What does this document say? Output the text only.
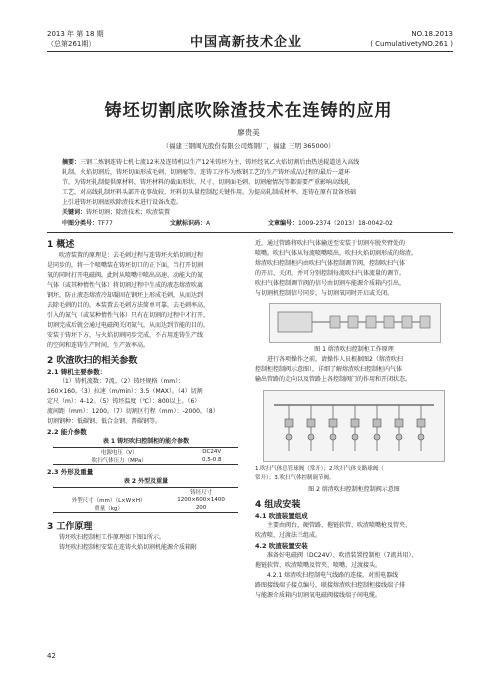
2013 年 第 18 期
（总第261期）	中国高新技术企业
NO.18.2013
( CumulativetyNO.261 )
铸坯切割底吹除渣技术在连铸的应用
廖贵美
（福建三钢闽光股份有限公司炼钢厂，福建 三明 365000）
摘要：三钢二炼钢连铸七机七流12米及连铸机以生产12米铸坯为主，铸坯经氧乙火焰切割后由热送辊道送入高线
轧制。火焰切割后，铸坯切面形成毛刺、切割瘤等。连铸工序作为炼钢工艺的生产铸坯成品过程的最后一道环
节，为铸坯轧制提供原材料，铸坯材料的截面形状、尺寸、切割面毛刺、切割瘤情况等都需要严重影响高线轧
工艺，对高线轧制坯料头部开花事故较、坯料切头量控制起关键作用。为提高轧制成材率，连铸在原有设备基础
上引进铸坯切割底吹除渣技术进行设备改造。
关键词：铸坯切割；除渣技术；吹渣装置
中图分类号：TF77	文献标识码：A	文章编号：1009-2374（2013）18-0042-02
1 概述
吹渣装置的原理是：去毛刺过程与连铸坯火焰切割过程
是同步的，将一个喷嘴装在铸坯切口的正下面，当打开切割
氧的同时打开电磁阀，此时从喷嘴中喷出高速、动能大的氮
气体（或其种惰性气体）将切割过程中生成的液态熔渣吹离
钢坯，防止液态熔渣冷却凝固在钢坯上形成毛刺，从而达到
去除毛刺的目的。本装置去毛刺方法简单可靠，去毛刺率高，
引入的氮气（或某种惰性气体）只有在切割的过程中才打开，
切割完成后就会通过电磁阀关闭氮气，从而达到节能的目的。
安装于铸坯下方，与火焰切割同步完成，不占用连铸生产线
的空间和连铸生产时间，生产效率高。
2 吹渣吹扫的相关参数
2.1 铸机主要参数：
（1）铸机流数：7流。（2）铸坯规格（mm）：
160×160。（3）拉速（m/min）：3.5（MAX）。（4）切割
定尺（m）：4-12。（5）铸坯温度（℃）：800以上。（6）
流间距（mm）：1200。（7）切割区行程（mm）：-2000。（8）
切割钢种：低碳钢、低合金钢、普碳钢等。
2.2 能介参数
表 1 铸坯吹扫控制柜的能介参数
电源电压（V）	DC24V
吹扫气体压力（MPa）	0.5-0.8
2.3 外形及重量
表 2 外型及重量
	铸坯尺寸
外型尺寸（mm）（L×W×H）	1200×600×1400
重量（kg）	200
3 工作原理
铸坯吹扫控制柜工作原理如下图1所示。
铸坯吹扫控制柜安装在连铸火焰切割机能源介质箱附
近，通过管路将吹扫气体输送至安装于切割车脱夹臂处的
喷嘴。吹扫气体从每流喷嘴喷出，吹扫火焰切割形成的熔渣。
熔渣吹扫控制柜内由吹扫气体控制调节阀，控制吹扫气体
的开启、关闭，并可分别控制每流吹扫气体流量的调节。
吹扫气体控制调节阀的信号由切割车能源介质箱内引出，
与切割机控制信号同步，与切割氧同时开启或关闭。
图 1 熔渣吹扫控制柜工作原理
进行各项操作之前，请操作人员根据图2（熔渣吹扫
控制柜控制阀示意图），详细了解熔渣吹扫控制柜内气体
输出管路的走向以及管路上各控制阀门的作用和开闭状态。
1.吹扫气体总管球阀（常开）；2.吹扫气体支路球阀（
常开）；3.吹扫气体控制调节阀。
图 2 熔渣吹扫控制柜控制阀示意图
4 组成安装
4.1 吹渣装置组成
主要由阀台、硬管路、拖链软管、吹渣喷嘴枪及管夹、
吹渣喷、过渡法兰组成。
4.2 吹渣装置安装
准备好电磁阀（DC24V）、吹渣装置控制柜（7流共用）、
拖链软管、吹渣喷嘴及管夹、喷嘴、过渡接头。
4.2.1 熔渣吹扫控制电气线路的连接。对照电器线
路图接线端子接点编号，联接熔渣吹扫控制柜接线端子排
与能源介质箱内切割氧电磁阀接线端子间电缆。
42
